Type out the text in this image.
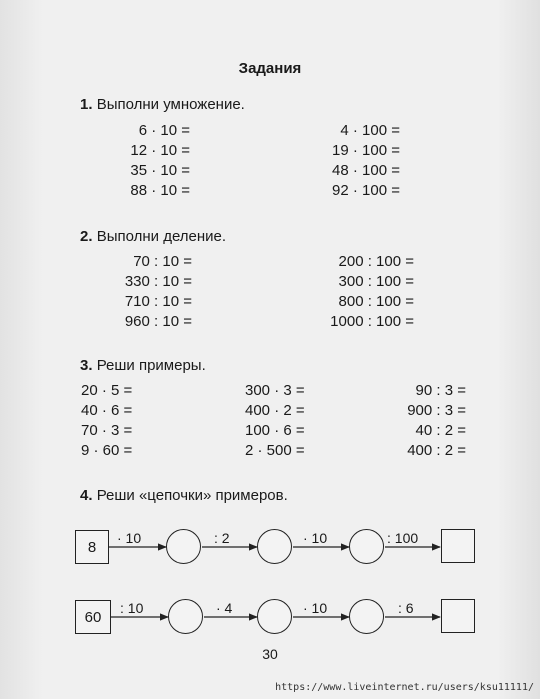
Задания
1. Выполни умножение.
6 · 10 =
12 · 10 =
35 · 10 =
88 · 10 =
4 · 100 =
19 · 100 =
48 · 100 =
92 · 100 =
2. Выполни деление.
70 : 10 =
330 : 10 =
710 : 10 =
960 : 10 =
200 : 100 =
300 : 100 =
800 : 100 =
1000 : 100 =
3. Реши примеры.
20 · 5 =
40 · 6 =
70 · 3 =
9 · 60 =
300 · 3 =
400 · 2 =
100 · 6 =
2 · 500 =
90 : 3 =
900 : 3 =
40 : 2 =
400 : 2 =
4. Реши «цепочки» примеров.
8
· 10	: 2	· 10	: 100
60
: 10	· 4	· 10	: 6
30
https://www.liveinternet.ru/users/ksu11111/
